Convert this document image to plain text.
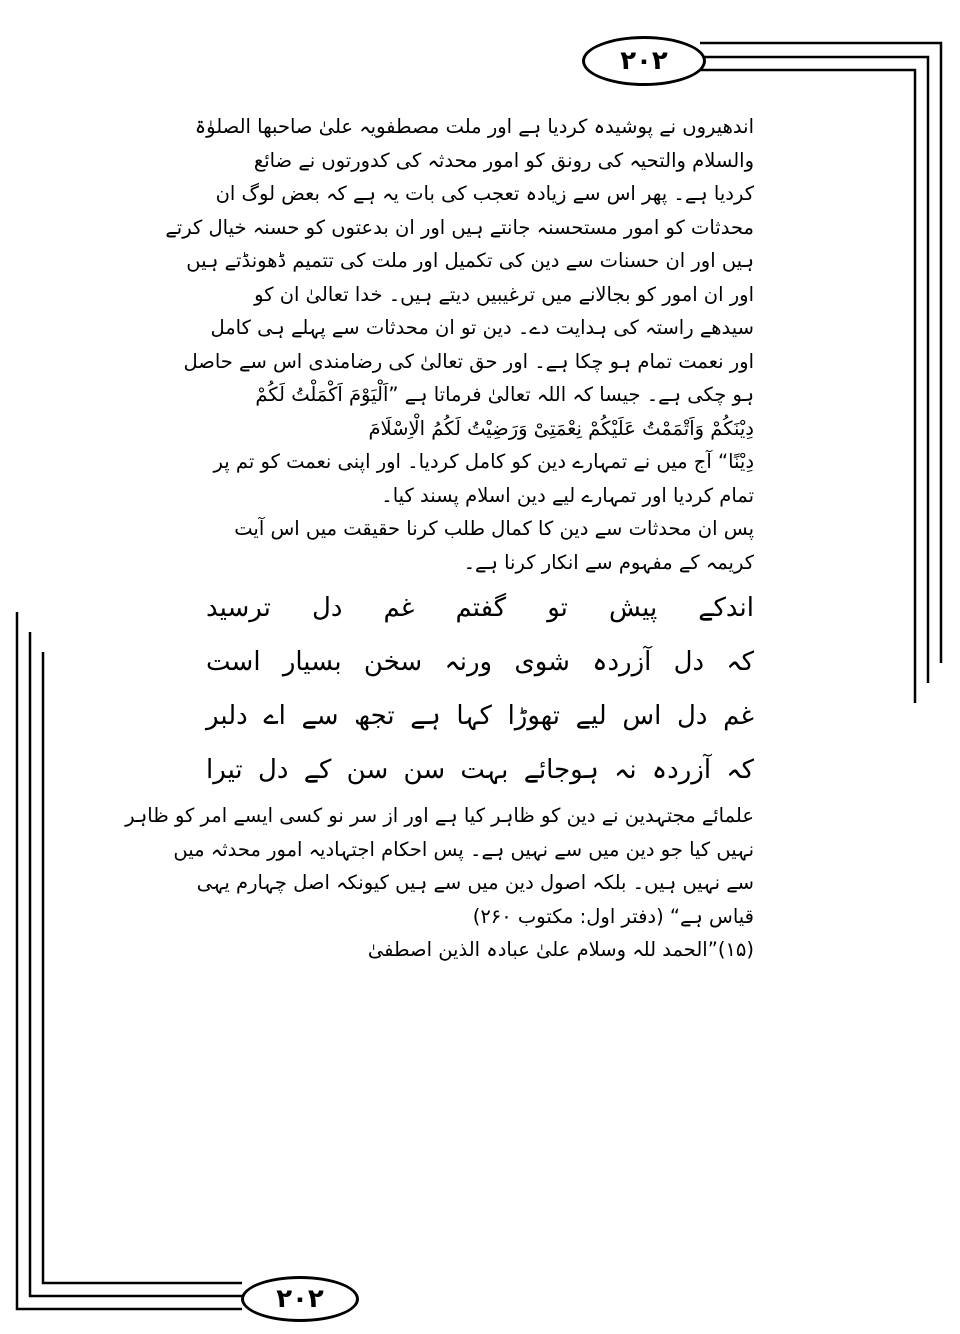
۲۰۲
اندھیروں نے پوشیدہ کردیا ہے اور ملت مصطفویہ علیٰ صاحبھا الصلوٰۃ
والسلام والتحیہ کی رونق کو امور محدثہ کی کدورتوں نے ضائع
کردیا ہے۔ پھر اس سے زیادہ تعجب کی بات یہ ہے کہ بعض لوگ ان
محدثات کو امور مستحسنہ جانتے ہیں اور ان بدعتوں کو حسنہ خیال کرتے
ہیں اور ان حسنات سے دین کی تکمیل اور ملت کی تتمیم ڈھونڈتے ہیں
اور ان امور کو بجالانے میں ترغیبیں دیتے ہیں۔ خدا تعالیٰ ان کو
سیدھے راستہ کی ہدایت دے۔ دین تو ان محدثات سے پہلے ہی کامل
اور نعمت تمام ہو چکا ہے۔ اور حق تعالیٰ کی رضامندی اس سے حاصل
ہو چکی ہے۔ جیسا کہ اللہ تعالیٰ فرماتا ہے ”اَلْیَوْمَ اَکْمَلْتُ لَکُمْ
دِیْنَکُمْ وَاَتْمَمْتُ عَلَیْکُمْ نِعْمَتِیْ وَرَضِیْتُ لَکُمُ الْاِسْلَامَ
دِیْنًا“ آج میں نے تمہارے دین کو کامل کردیا۔ اور اپنی نعمت کو تم پر
تمام کردیا اور تمہارے لیے دین اسلام پسند کیا۔
پس ان محدثات سے دین کا کمال طلب کرنا حقیقت میں اس آیت
کریمہ کے مفہوم سے انکار کرنا ہے۔
اندکے پیش تو گفتم غم دل ترسید
کہ دل آزردہ شوی ورنہ سخن بسیار است
غم دل اس لیے تھوڑا کہا ہے تجھ سے اے دلبر
کہ آزردہ نہ ہوجائے بہت سن سن کے دل تیرا
علمائے مجتہدین نے دین کو ظاہر کیا ہے اور از سر نو کسی ایسے امر کو ظاہر
نہیں کیا جو دین میں سے نہیں ہے۔ پس احکام اجتہادیہ امور محدثہ میں
سے نہیں ہیں۔ بلکہ اصول دین میں سے ہیں کیونکہ اصل چہارم یہی
قیاس ہے“ (دفتر اول: مکتوب ۲۶۰)
(۱۵)”الحمد للہ وسلام علیٰ عبادہ الذین اصطفیٰ
۲۰۲
